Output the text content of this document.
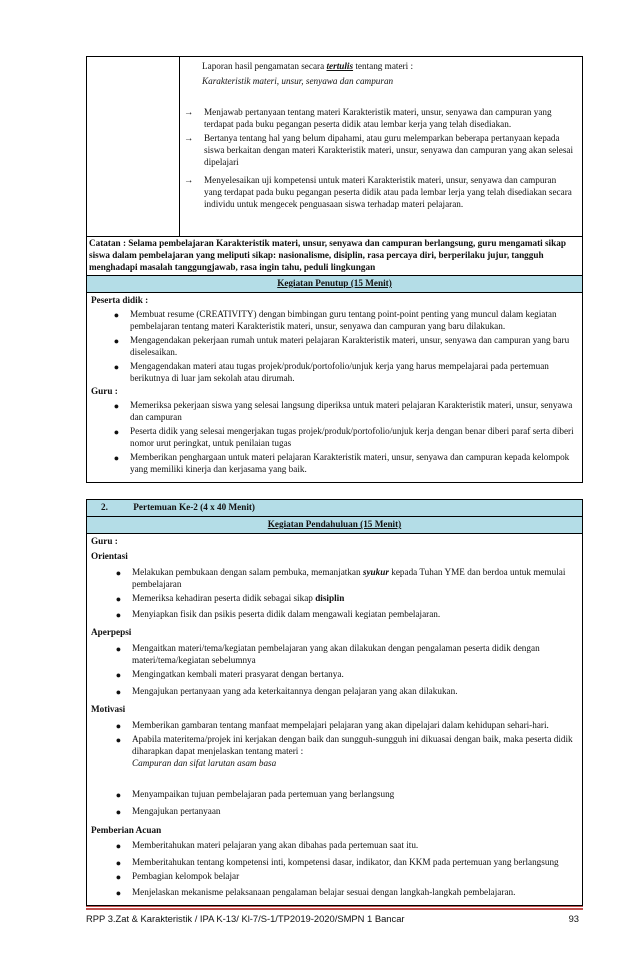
Laporan hasil pengamatan secara tertulis tentang materi :
Karakteristik materi, unsur, senyawa dan campuran
→	Menjawab pertanyaan tentang materi Karakteristik materi, unsur, senyawa dan campuran yang terdapat pada buku pegangan peserta didik atau lembar kerja yang telah disediakan.
→	Bertanya tentang hal yang belum dipahami, atau guru melemparkan beberapa pertanyaan kepada siswa berkaitan dengan materi Karakteristik materi, unsur, senyawa dan campuran yang akan selesai dipelajari
→	Menyelesaikan uji kompetensi untuk materi Karakteristik materi, unsur, senyawa dan campuran yang terdapat pada buku pegangan peserta didik atau pada lembar lerja yang telah disediakan secara individu untuk mengecek penguasaan siswa terhadap materi pelajaran.

Catatan : Selama pembelajaran Karakteristik materi, unsur, senyawa dan campuran berlangsung, guru mengamati sikap siswa dalam pembelajaran yang meliputi sikap: nasionalisme, disiplin, rasa percaya diri, berperilaku jujur, tangguh menghadapi masalah tanggungjawab, rasa ingin tahu, peduli lingkungan
Kegiatan Penutup (15 Menit)

Peserta didik :
●	Membuat resume (CREATIVITY) dengan bimbingan guru tentang point-point penting yang muncul dalam kegiatan pembelajaran tentang materi Karakteristik materi, unsur, senyawa dan campuran yang baru dilakukan.
●	Mengagendakan pekerjaan rumah untuk materi pelajaran Karakteristik materi, unsur, senyawa dan campuran yang baru diselesaikan.
●	Mengagendakan materi atau tugas projek/produk/portofolio/unjuk kerja yang harus mempelajarai pada pertemuan berikutnya di luar jam sekolah atau dirumah.
Guru :
●	Memeriksa pekerjaan siswa yang selesai langsung diperiksa untuk materi pelajaran Karakteristik materi, unsur, senyawa dan campuran
●	Peserta didik yang selesai mengerjakan tugas projek/produk/portofolio/unjuk kerja dengan benar diberi paraf serta diberi nomor urut peringkat, untuk penilaian tugas
●	Memberikan penghargaan untuk materi pelajaran Karakteristik materi, unsur, senyawa dan campuran kepada kelompok yang memiliki kinerja dan kerjasama yang baik.
2.	Pertemuan Ke-2 (4 x 40 Menit)
Kegiatan Pendahuluan (15 Menit)

Guru :
Orientasi
●	Melakukan pembukaan dengan salam pembuka, memanjatkan syukur kepada Tuhan YME dan berdoa untuk memulai pembelajaran
●	Memeriksa kehadiran peserta didik sebagai sikap disiplin
●	Menyiapkan fisik dan psikis peserta didik dalam mengawali kegiatan pembelajaran.
Aperpepsi
●	Mengaitkan materi/tema/kegiatan pembelajaran yang akan dilakukan dengan pengalaman peserta didik dengan materi/tema/kegiatan sebelumnya
●	Mengingatkan kembali materi prasyarat dengan bertanya.
●	Mengajukan pertanyaan yang ada keterkaitannya dengan pelajaran yang akan dilakukan.
Motivasi
●	Memberikan gambaran tentang manfaat mempelajari pelajaran yang akan dipelajari dalam kehidupan sehari-hari.
●	Apabila materitema/projek ini kerjakan dengan baik dan sungguh-sungguh ini dikuasai dengan baik, maka peserta didik diharapkan dapat menjelaskan tentang materi :
Campuran dan sifat larutan asam basa
●	Menyampaikan tujuan pembelajaran pada pertemuan yang berlangsung
●	Mengajukan pertanyaan
Pemberian Acuan
●	Memberitahukan materi pelajaran yang akan dibahas pada pertemuan saat itu.
●	Memberitahukan tentang kompetensi inti, kompetensi dasar, indikator, dan KKM pada pertemuan yang berlangsung
●	Pembagian kelompok belajar
●	Menjelaskan mekanisme pelaksanaan pengalaman belajar sesuai dengan langkah-langkah pembelajaran.
RPP 3.Zat & Karakteristik / IPA K-13/ Kl-7/S-1/TP2019-2020/SMPN 1 Bancar	93
